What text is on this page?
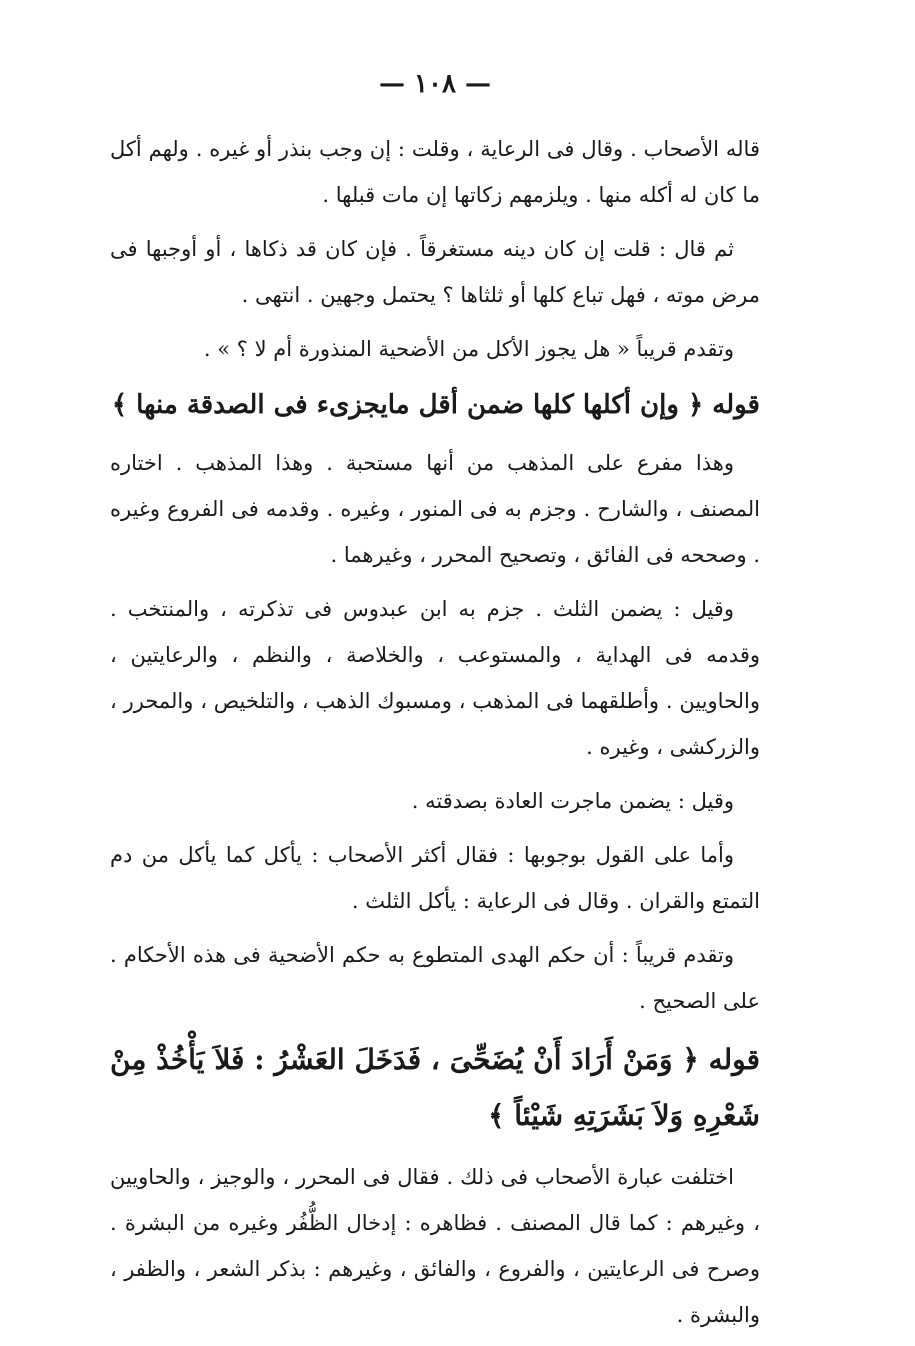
— ١٠٨ —

قاله الأصحاب . وقال فى الرعاية ، وقلت : إن وجب بنذر أو غيره . ولهم أكل ما كان له أكله منها . ويلزمهم زكاتها إن مات قبلها .

ثم قال : قلت إن كان دينه مستغرقاً . فإن كان قد ذكاها ، أو أوجبها فى مرض موته ، فهل تباع كلها أو ثلثاها ؟ يحتمل وجهين . انتهى .

وتقدم قريباً « هل يجوز الأكل من الأضحية المنذورة أم لا ؟ » .

قوله ﴿ وإن أكلها كلها ضمن أقل مايجزىء فى الصدقة منها ﴾

وهذا مفرع على المذهب من أنها مستحبة . وهذا المذهب . اختاره المصنف ، والشارح . وجزم به فى المنور ، وغيره . وقدمه فى الفروع وغيره . وصححه فى الفائق ، وتصحيح المحرر ، وغيرهما .

وقيل : يضمن الثلث . جزم به ابن عبدوس فى تذكرته ، والمنتخب . وقدمه فى الهداية ، والمستوعب ، والخلاصة ، والنظم ، والرعايتين ، والحاويين . وأطلقهما فى المذهب ، ومسبوك الذهب ، والتلخيص ، والمحرر ، والزركشى ، وغيره .

وقيل : يضمن ماجرت العادة بصدقته .

وأما على القول بوجوبها : فقال أكثر الأصحاب : يأكل كما يأكل من دم التمتع والقران . وقال فى الرعاية : يأكل الثلث .

وتقدم قريباً : أن حكم الهدى المتطوع به حكم الأضحية فى هذه الأحكام . على الصحيح .

قوله ﴿ وَمَنْ أَرَادَ أَنْ يُضَحِّىَ ، فَدَخَلَ العَشْرُ : فَلاَ يَأْخُذْ مِنْ شَعْرِهِ وَلاَ بَشَرَتِهِ شَيْئاً ﴾

اختلفت عبارة الأصحاب فى ذلك . فقال فى المحرر ، والوجيز ، والحاويين ، وغيرهم : كما قال المصنف . فظاهره : إدخال الظُّفُر وغيره من البشرة . وصرح فى الرعايتين ، والفروع ، والفائق ، وغيرهم : بذكر الشعر ، والظفر ، والبشرة .
